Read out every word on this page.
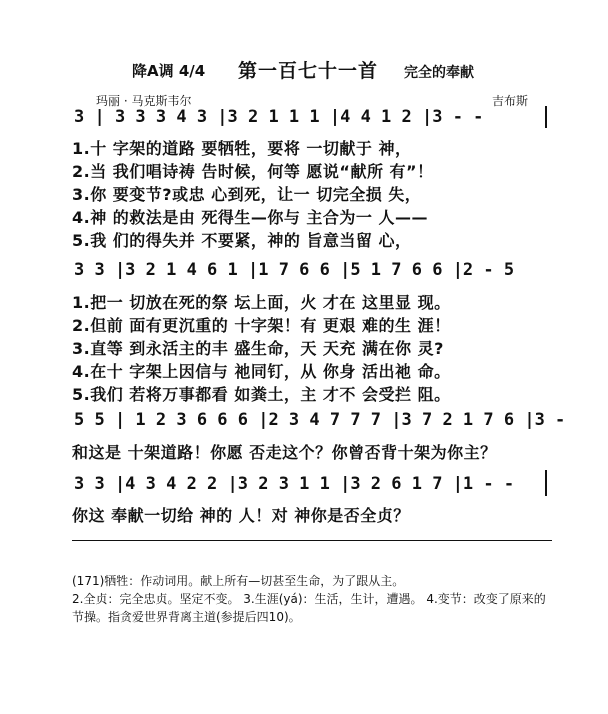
降A调 4/4 第一百七十一首 完全的奉献
玛丽 · 马克斯韦尔	吉布斯
3 | 3 3 3 4 3 |3 2 1 1 1 |4 4 1 2 |3 - -
1.十 字架的道路 要牺牲，要将 一切献于 神，
2.当 我们唱诗祷 告时候，何等 愿说“献所 有”！
3.你 要变节?或忠 心到死，让一 切完全损 失，
4.神 的救法是由 死得生—你与 主合为一 人——
5.我 们的得失并 不要紧，神的 旨意当留 心，
3 3 |3 2 1 4 6 1 |1 7 6 6 |5 1 7 6 6 |2 - 5
1.把一 切放在死的祭 坛上面，火 才在 这里显 现。
2.但前 面有更沉重的 十字架！有 更艰 难的生 涯！
3.直等 到永活主的丰 盛生命，天 天充 满在你 灵?
4.在十 字架上因信与 祂同钉，从 你身 活出祂 命。
5.我们 若将万事都看 如粪土，主 才不 会受拦 阻。
5 5 | 1 2 3 6 6 6 |2 3 4 7 7 7 |3 7 2 1 7 6 |3 -
和这是 十架道路！你愿 否走这个？你曾否背十架为你主？
3 3 |4 3 4 2 2 |3 2 3 1 1 |3 2 6 1 7 |1 - -
你这 奉献一切给 神的 人！对 神你是否全贞？

(171)牺牲：作动词用。献上所有—切甚至生命，为了跟从主。

2.全贞：完全忠贞。坚定不变。 3.生涯(yá)：生活，生计，遭遇。 4.变节：改变了原来的节操。指贪爱世界背离主道(参提后四10)。
